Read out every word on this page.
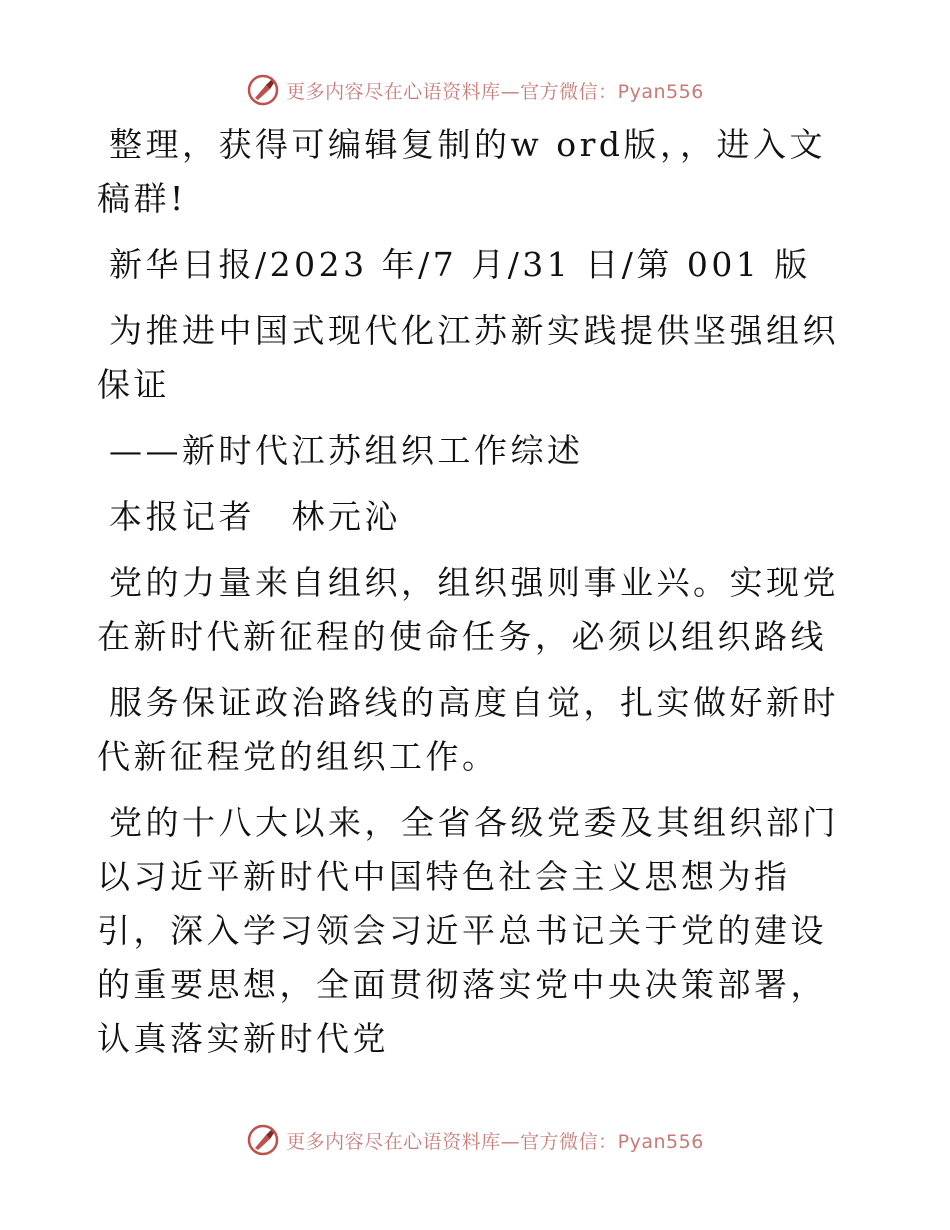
更多内容尽在心语资料库—官方微信：Pyan556

整理，获得可编辑复制的w ord版，，进入文稿群!

新华日报/2023 年/7 月/31 日/第 001 版

为推进中国式现代化江苏新实践提供坚强组织保证

——新时代江苏组织工作综述

本报记者　林元沁

党的力量来自组织，组织强则事业兴。实现党在新时代新征程的使命任务，必须以组织路线

服务保证政治路线的高度自觉，扎实做好新时代新征程党的组织工作。

党的十八大以来，全省各级党委及其组织部门以习近平新时代中国特色社会主义思想为指引，深入学习领会习近平总书记关于党的建设的重要思想，全面贯彻落实党中央决策部署，认真落实新时代党

更多内容尽在心语资料库—官方微信：Pyan556
